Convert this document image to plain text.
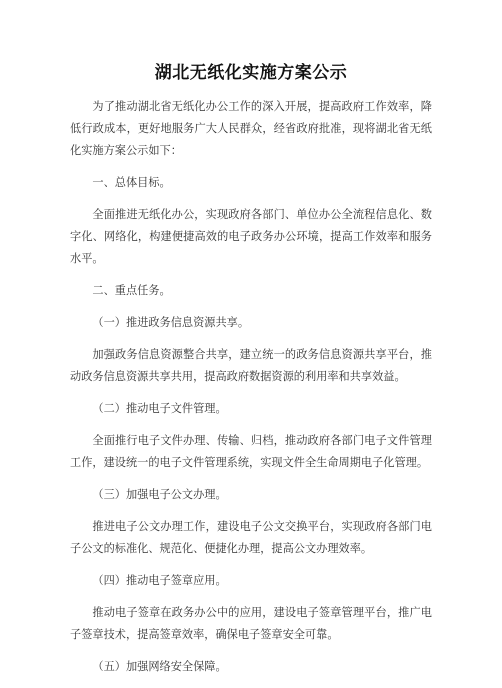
湖北无纸化实施方案公示

为了推动湖北省无纸化办公工作的深入开展，提高政府工作效率，降低行政成本，更好地服务广大人民群众，经省政府批准，现将湖北省无纸化实施方案公示如下：

一、总体目标。

全面推进无纸化办公，实现政府各部门、单位办公全流程信息化、数字化、网络化，构建便捷高效的电子政务办公环境，提高工作效率和服务水平。

二、重点任务。

（一）推进政务信息资源共享。

加强政务信息资源整合共享，建立统一的政务信息资源共享平台，推动政务信息资源共享共用，提高政府数据资源的利用率和共享效益。

（二）推动电子文件管理。

全面推行电子文件办理、传输、归档，推动政府各部门电子文件管理工作，建设统一的电子文件管理系统，实现文件全生命周期电子化管理。

（三）加强电子公文办理。

推进电子公文办理工作，建设电子公文交换平台，实现政府各部门电子公文的标准化、规范化、便捷化办理，提高公文办理效率。

（四）推动电子签章应用。

推动电子签章在政务办公中的应用，建设电子签章管理平台，推广电子签章技术，提高签章效率，确保电子签章安全可靠。

（五）加强网络安全保障。
